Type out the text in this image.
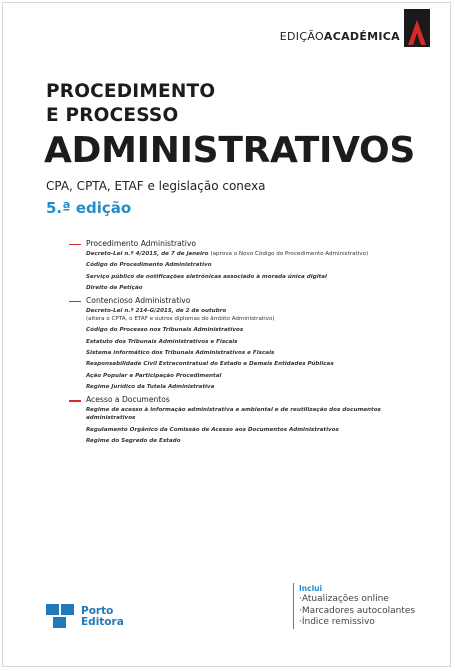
EDIÇÃOACADÉMICA
PROCEDIMENTO
E PROCESSO
ADMINISTRATIVOS
CPA, CPTA, ETAF e legislação conexa
5.ª edição
Procedimento Administrativo
Decreto-Lei n.º 4/2015, de 7 de janeiro (aprova o Novo Código do Procedimento Administrativo)
Código do Procedimento Administrativo
Serviço público de notificações eletrónicas associado à morada única digital
Direito de Petição
Contencioso Administrativo
Decreto-Lei n.º 214-G/2015, de 2 de outubro
(altera o CPTA, o ETAF e outros diplomas do âmbito Administrativo)
Código do Processo nos Tribunais Administrativos
Estatuto dos Tribunais Administrativos e Fiscais
Sistema informático dos Tribunais Administrativos e Fiscais
Responsabilidade Civil Extracontratual do Estado e Demais Entidades Públicas
Ação Popular e Participação Procedimental
Regime Jurídico da Tutela Administrativa
Acesso a Documentos
Regime de acesso à informação administrativa e ambiental e de reutilização dos documentos administrativos
Regulamento Orgânico da Comissão de Acesso aos Documentos Administrativos
Regime do Segredo de Estado
Inclui
·Atualizações online
·Marcadores autocolantes
·Índice remissivo
Porto
Editora
